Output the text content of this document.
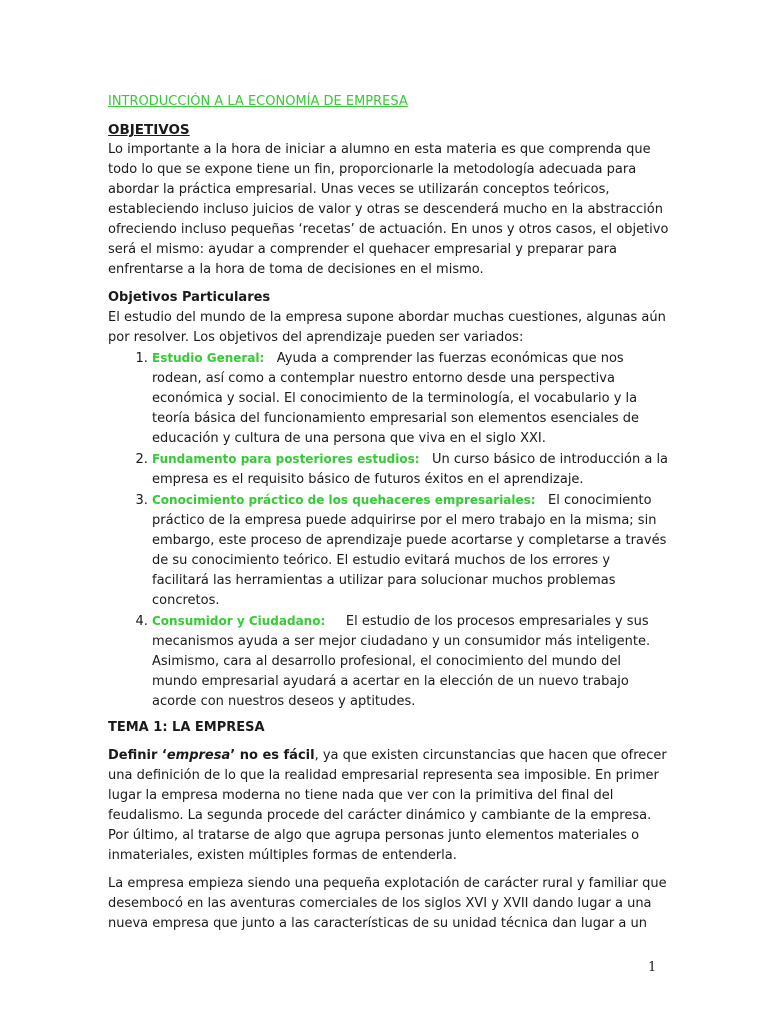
INTRODUCCIÓN A LA ECONOMÍA DE EMPRESA
OBJETIVOS

Lo importante a la hora de iniciar a alumno en esta materia es que comprenda que todo lo que se expone tiene un fin, proporcionarle la metodología adecuada para abordar la práctica empresarial. Unas veces se utilizarán conceptos teóricos, estableciendo incluso juicios de valor y otras se descenderá mucho en la abstracción ofreciendo incluso pequeñas ‘recetas’ de actuación. En unos y otros casos, el objetivo será el mismo: ayudar a comprender el quehacer empresarial y preparar para enfrentarse a la hora de toma de decisiones en el mismo.

Objetivos Particulares

El estudio del mundo de la empresa supone abordar muchas cuestiones, algunas aún por resolver. Los objetivos del aprendizaje pueden ser variados:

1. Estudio General: Ayuda a comprender las fuerzas económicas que nos rodean, así como a contemplar nuestro entorno desde una perspectiva económica y social. El conocimiento de la terminología, el vocabulario y la teoría básica del funcionamiento empresarial son elementos esenciales de educación y cultura de una persona que viva en el siglo XXI.
2. Fundamento para posteriores estudios: Un curso básico de introducción a la empresa es el requisito básico de futuros éxitos en el aprendizaje.
3. Conocimiento práctico de los quehaceres empresariales: El conocimiento práctico de la empresa puede adquirirse por el mero trabajo en la misma; sin embargo, este proceso de aprendizaje puede acortarse y completarse a través de su conocimiento teórico. El estudio evitará muchos de los errores y facilitará las herramientas a utilizar para solucionar muchos problemas concretos.
4. Consumidor y Ciudadano: El estudio de los procesos empresariales y sus mecanismos ayuda a ser mejor ciudadano y un consumidor más inteligente. Asimismo, cara al desarrollo profesional, el conocimiento del mundo del mundo empresarial ayudará a acertar en la elección de un nuevo trabajo acorde con nuestros deseos y aptitudes.
TEMA 1: LA EMPRESA

Definir ‘empresa’ no es fácil, ya que existen circunstancias que hacen que ofrecer una definición de lo que la realidad empresarial representa sea imposible. En primer lugar la empresa moderna no tiene nada que ver con la primitiva del final del feudalismo. La segunda procede del carácter dinámico y cambiante de la empresa. Por último, al tratarse de algo que agrupa personas junto elementos materiales o inmateriales, existen múltiples formas de entenderla.

La empresa empieza siendo una pequeña explotación de carácter rural y familiar que desembocó en las aventuras comerciales de los siglos XVI y XVII dando lugar a una nueva empresa que junto a las características de su unidad técnica dan lugar a un

1
